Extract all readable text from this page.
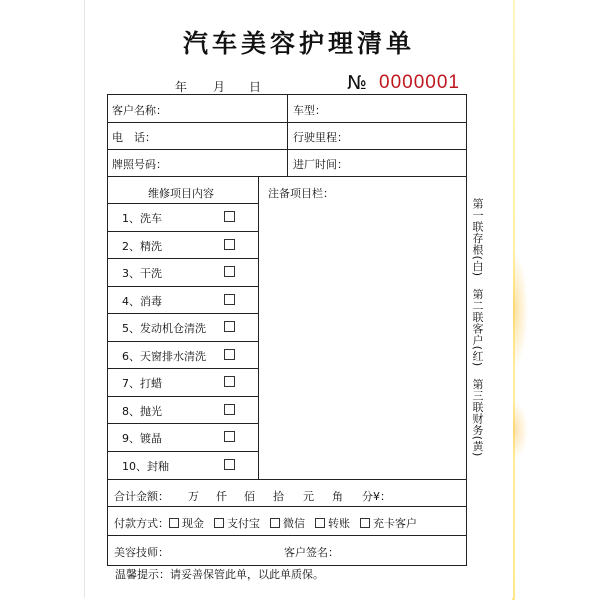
汽车美容护理清单
年 月 日	№ 0000001
客户名称：	车型：
电　话：	行驶里程：
牌照号码：	进厂时间：
维修项目内容	注备项目栏：
1、洗车
2、精洗
3、干洗
4、消毒
5、发动机仓清洗
6、天窗排水清洗
7、打蜡
8、抛光
9、镀晶
10、封釉
合计金额： 万 仟 佰 拾 元 角 分¥：
付款方式： 现金 支付宝 微信 转账 充卡客户
美容技师：	客户签名：
第一联存根(白)　第二联客户(红)　第三联财务(黄)
温馨提示：请妥善保管此单，以此单质保。
